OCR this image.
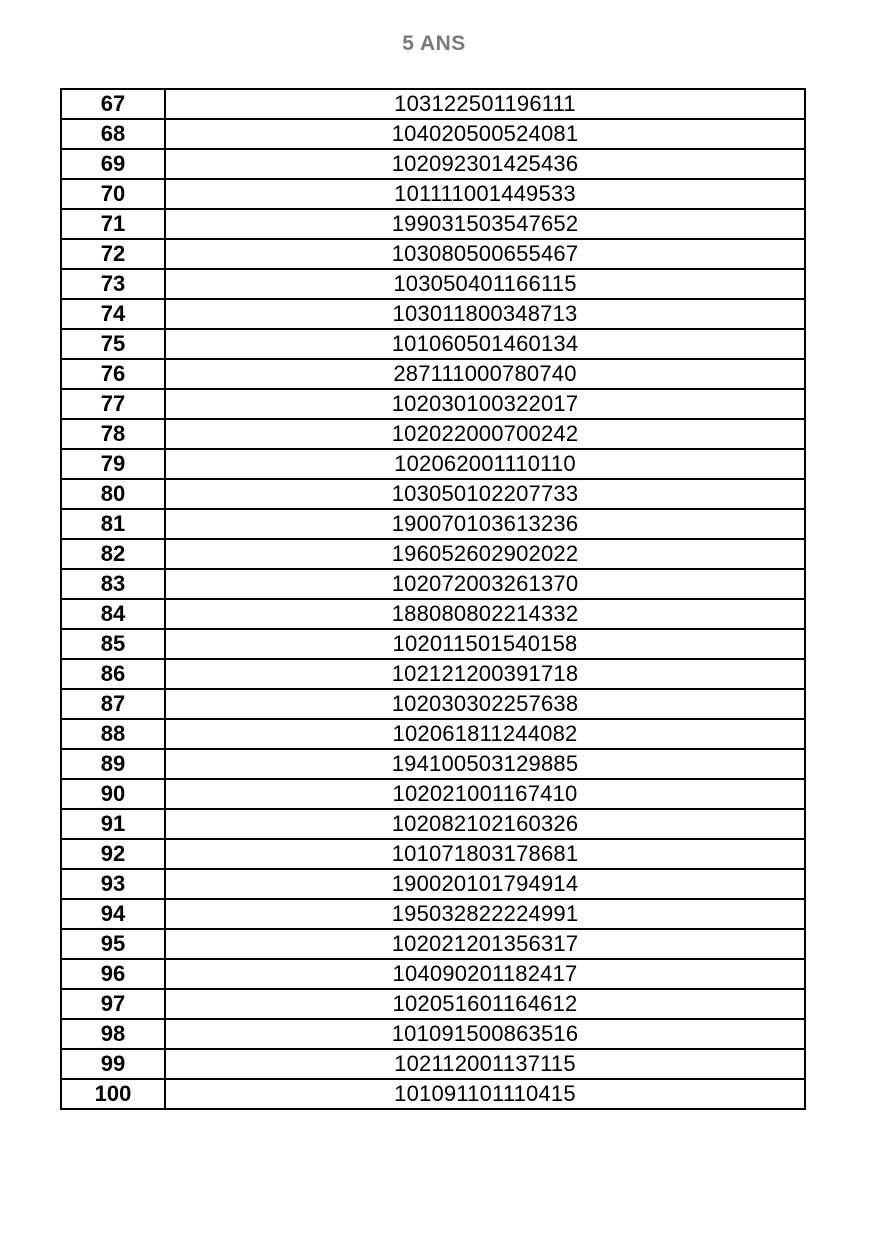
5 ANS
67	103122501196111
68	104020500524081
69	102092301425436
70	101111001449533
71	199031503547652
72	103080500655467
73	103050401166115
74	103011800348713
75	101060501460134
76	287111000780740
77	102030100322017
78	102022000700242
79	102062001110110
80	103050102207733
81	190070103613236
82	196052602902022
83	102072003261370
84	188080802214332
85	102011501540158
86	102121200391718
87	102030302257638
88	102061811244082
89	194100503129885
90	102021001167410
91	102082102160326
92	101071803178681
93	190020101794914
94	195032822224991
95	102021201356317
96	104090201182417
97	102051601164612
98	101091500863516
99	102112001137115
100	101091101110415
